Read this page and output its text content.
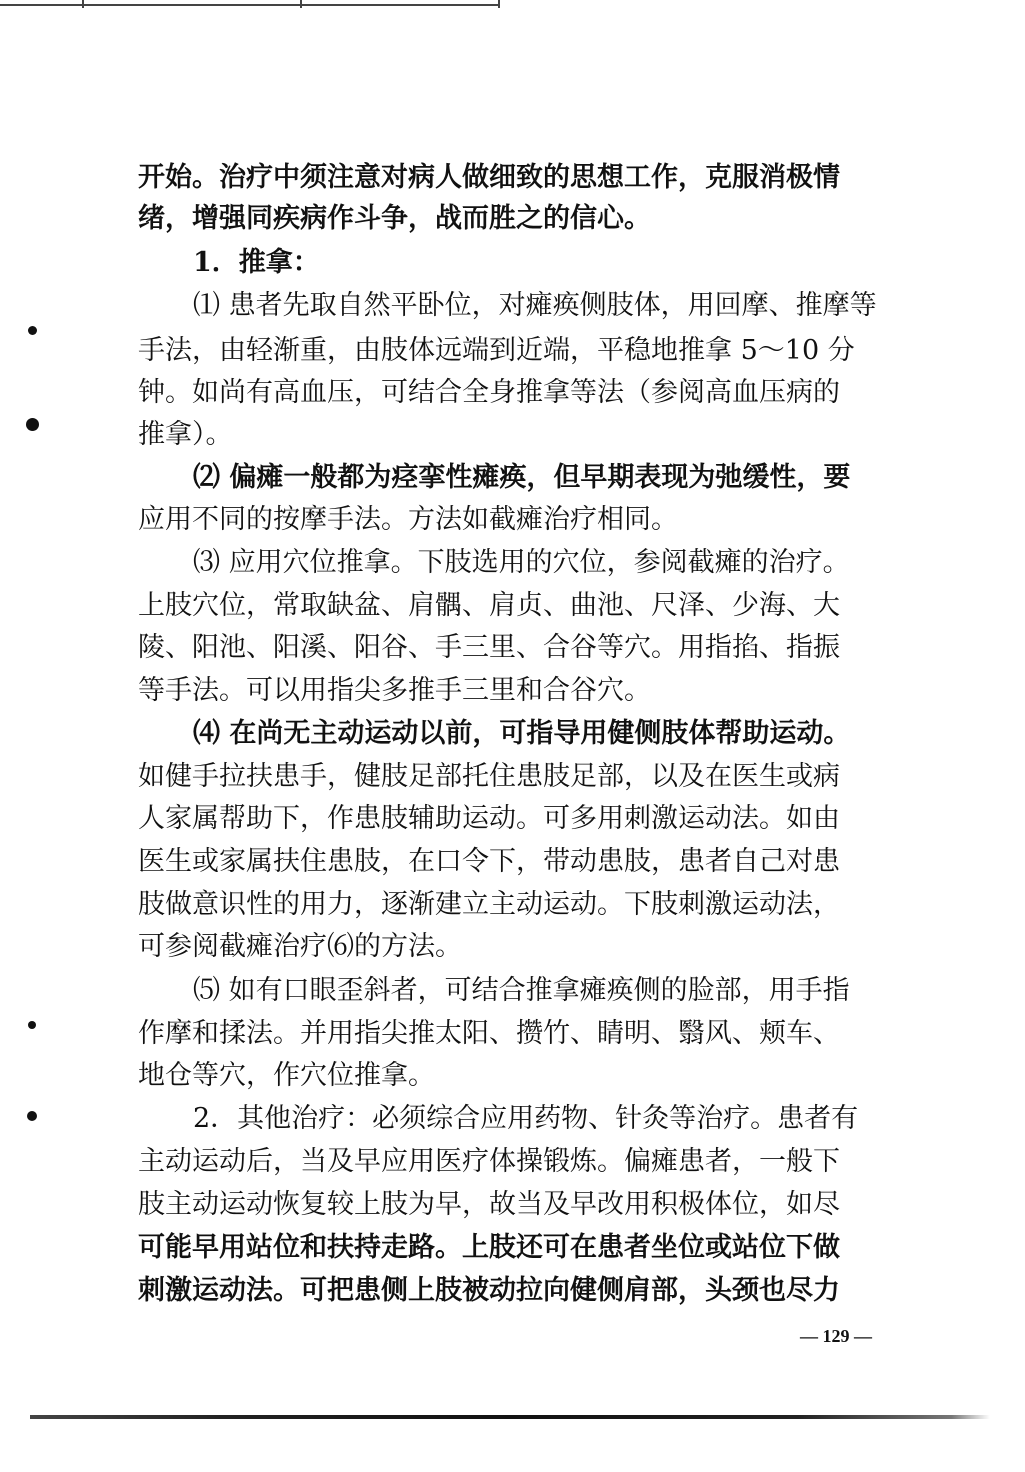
开始。治疗中须注意对病人做细致的思想工作，克服消极情
绪，增强同疾病作斗争，战而胜之的信心。
1．推拿：
⑴ 患者先取自然平卧位，对瘫痪侧肢体，用回摩、推摩等
手法，由轻渐重，由肢体远端到近端，平稳地推拿 5～10 分
钟。如尚有高血压，可结合全身推拿等法（参阅高血压病的
推拿）。
⑵ 偏瘫一般都为痉挛性瘫痪，但早期表现为弛缓性，要
应用不同的按摩手法。方法如截瘫治疗相同。
⑶ 应用穴位推拿。下肢选用的穴位，参阅截瘫的治疗。
上肢穴位，常取缺盆、肩髃、肩贞、曲池、尺泽、少海、大
陵、阳池、阳溪、阳谷、手三里、合谷等穴。用指掐、指振
等手法。可以用指尖多推手三里和合谷穴。
⑷ 在尚无主动运动以前，可指导用健侧肢体帮助运动。
如健手拉扶患手，健肢足部托住患肢足部，以及在医生或病
人家属帮助下，作患肢辅助运动。可多用刺激运动法。如由
医生或家属扶住患肢，在口令下，带动患肢，患者自己对患
肢做意识性的用力，逐渐建立主动运动。下肢刺激运动法，
可参阅截瘫治疗⑹的方法。
⑸ 如有口眼歪斜者，可结合推拿瘫痪侧的脸部，用手指
作摩和揉法。并用指尖推太阳、攒竹、睛明、翳风、颊车、
地仓等穴，作穴位推拿。
2．其他治疗：必须综合应用药物、针灸等治疗。患者有
主动运动后，当及早应用医疗体操锻炼。偏瘫患者，一般下
肢主动运动恢复较上肢为早，故当及早改用积极体位，如尽
可能早用站位和扶持走路。上肢还可在患者坐位或站位下做
刺激运动法。可把患侧上肢被动拉向健侧肩部，头颈也尽力
— 129 —
